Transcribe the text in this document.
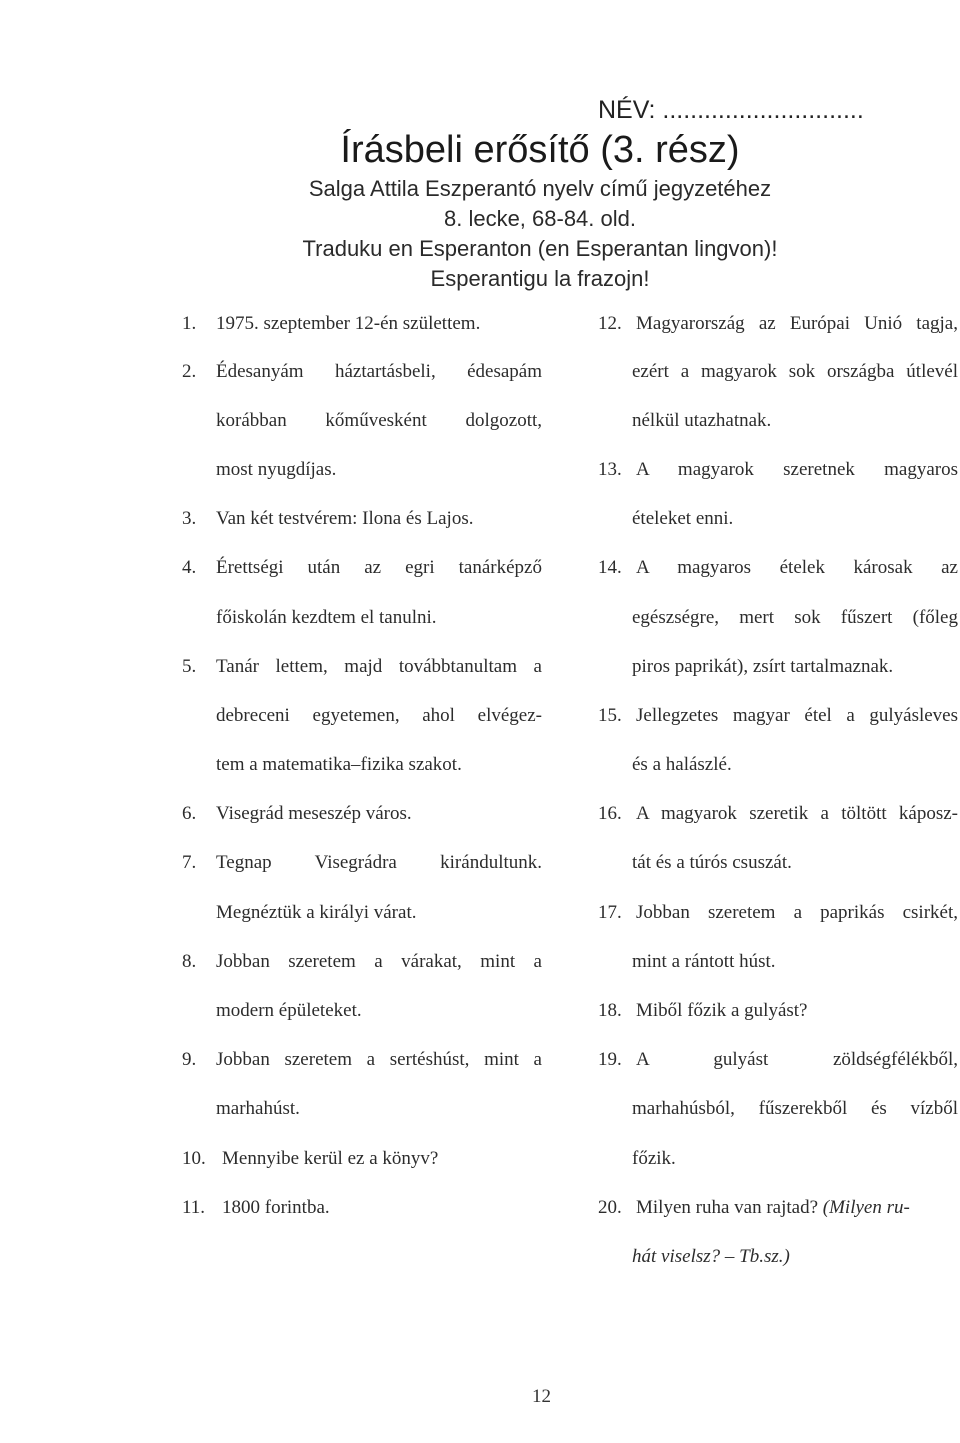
NÉV: .............................
Írásbeli erősítő (3. rész)
Salga Attila Eszperantó nyelv című jegyzetéhez
8. lecke, 68-84. old.
Traduku en Esperanton (en Esperantan lingvon)!
Esperantigu la frazojn!
1. 1975. szeptember 12-én születtem.
2. Édesanyám háztartásbeli, édesapám
korábban kőművesként dolgozott,
most nyugdíjas.
3. Van két testvérem: Ilona és Lajos.
4. Érettségi után az egri tanárképző
főiskolán kezdtem el tanulni.
5. Tanár lettem, majd továbbtanultam a
debreceni egyetemen, ahol elvégez-
tem a matematika–fizika szakot.
6. Visegrád meseszép város.
7. Tegnap Visegrádra kirándultunk.
Megnéztük a királyi várat.
8. Jobban szeretem a várakat, mint a
modern épületeket.
9. Jobban szeretem a sertéshúst, mint a
marhahúst.
10. Mennyibe kerül ez a könyv?
11. 1800 forintba.
12. Magyarország az Európai Unió tagja,
ezért a magyarok sok országba útlevél
nélkül utazhatnak.
13. A magyarok szeretnek magyaros
ételeket enni.
14. A magyaros ételek károsak az
egészségre, mert sok fűszert (főleg
piros paprikát), zsírt tartalmaznak.
15. Jellegzetes magyar étel a gulyásleves
és a halászlé.
16. A magyarok szeretik a töltött káposz-
tát és a túrós csuszát.
17. Jobban szeretem a paprikás csirkét,
mint a rántott húst.
18. Miből főzik a gulyást?
19. A gulyást zöldségfélékből,
marhahúsból, fűszerekből és vízből
főzik.
20. Milyen ruha van rajtad? (Milyen ru-
hát viselsz? – Tb.sz.)
12
